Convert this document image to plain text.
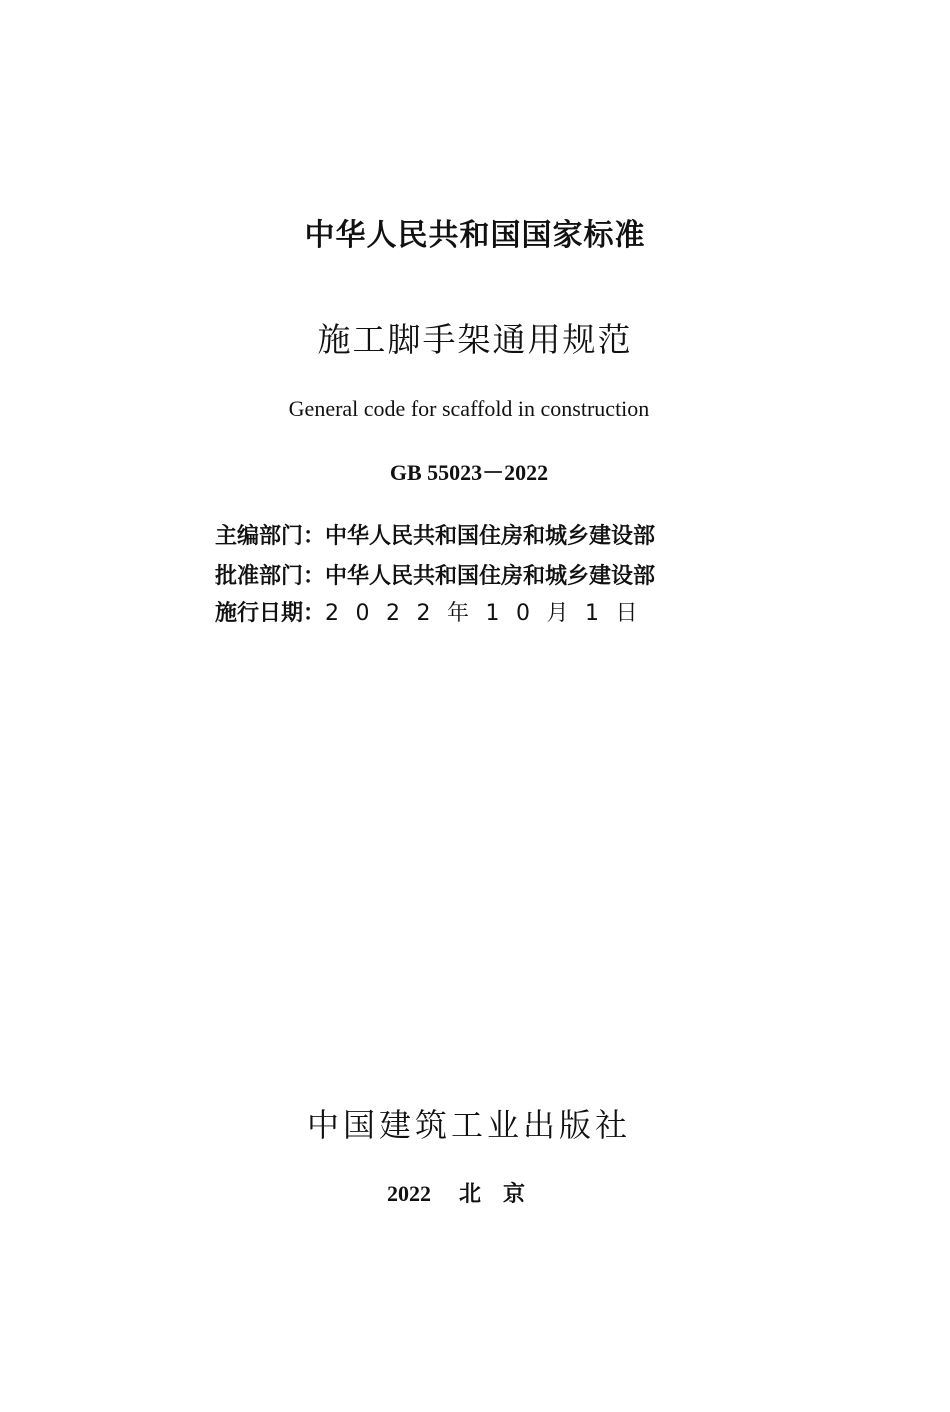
中华人民共和国国家标准
施工脚手架通用规范
General code for scaffold in construction
GB 55023－2022
主编部门：中华人民共和国住房和城乡建设部
批准部门：中华人民共和国住房和城乡建设部
施行日期：2022年10月1日
中国建筑工业出版社
2022 北京
